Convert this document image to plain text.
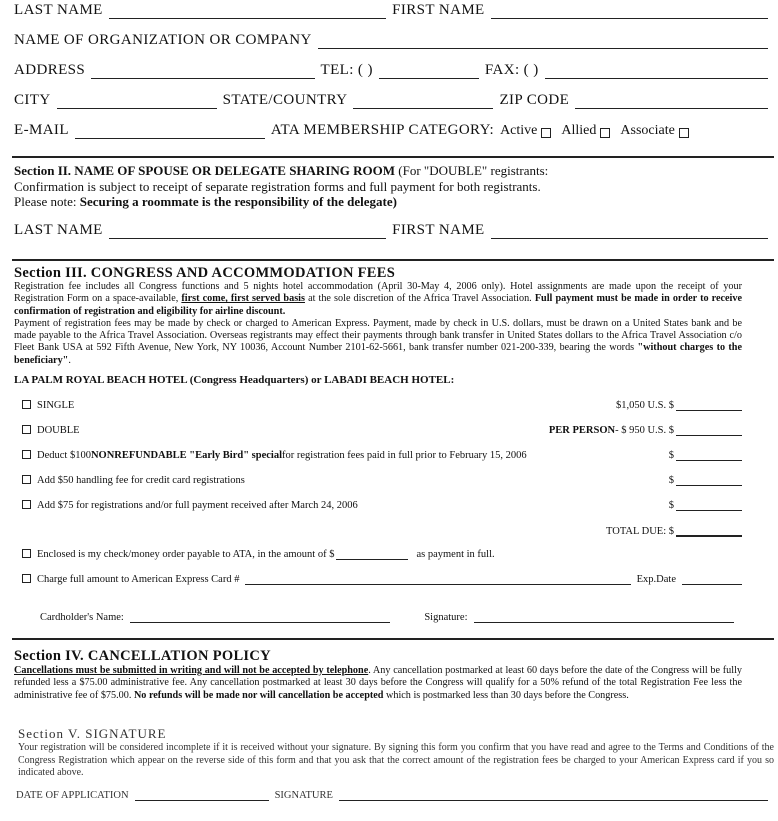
LAST NAME	FIRST NAME
NAME OF ORGANIZATION OR COMPANY
ADDRESS	TEL: ( )	FAX: ( )
CITY	STATE/COUNTRY	ZIP CODE
E-MAIL	ATA MEMBERSHIP CATEGORY: Active Allied Associate
Section II. NAME OF SPOUSE OR DELEGATE SHARING ROOM (For "DOUBLE" registrants:
Confirmation is subject to receipt of separate registration forms and full payment for both registrants.
Please note: Securing a roommate is the responsibility of the delegate)
LAST NAME	FIRST NAME
Section III. CONGRESS AND ACCOMMODATION FEES
Registration fee includes all Congress functions and 5 nights hotel accommodation (April 30-May 4, 2006 only). Hotel assignments are made upon the receipt of your Registration Form on a space-available, first come, first served basis at the sole discretion of the Africa Travel Association. Full payment must be made in order to receive confirmation of registration and eligibility for airline discount.
Payment of registration fees may be made by check or charged to American Express. Payment, made by check in U.S. dollars, must be drawn on a United States bank and be made payable to the Africa Travel Association. Overseas registrants may effect their payments through bank transfer in United States dollars to the Africa Travel Association c/o Fleet Bank USA at 592 Fifth Avenue, New York, NY 10036, Account Number 2101-62-5661, bank transfer number 021-200-339, bearing the words "without charges to the beneficiary".
LA PALM ROYAL BEACH HOTEL (Congress Headquarters) or LABADI BEACH HOTEL:
SINGLE	$1,050 U.S. $
DOUBLE	PER PERSON - $ 950 U.S. $
Deduct $100 NONREFUNDABLE "Early Bird" special for registration fees paid in full prior to February 15, 2006	$
Add $50 handling fee for credit card registrations	$
Add $75 for registrations and/or full payment received after March 24, 2006	$
TOTAL DUE: $
Enclosed is my check/money order payable to ATA, in the amount of $	as payment in full.
Charge full amount to American Express Card #	Exp.Date
Cardholder's Name:	Signature:
Section IV. CANCELLATION POLICY
Cancellations must be submitted in writing and will not be accepted by telephone. Any cancellation postmarked at least 60 days before the date of the Congress will be fully refunded less a $75.00 administrative fee. Any cancellation postmarked at least 30 days before the Congress will qualify for a 50% refund of the total Registration Fee less the administrative fee of $75.00. No refunds will be made nor will cancellation be accepted which is postmarked less than 30 days before the Congress.
Section V. SIGNATURE
Your registration will be considered incomplete if it is received without your signature. By signing this form you confirm that you have read and agree to the Terms and Conditions of the Congress Registration which appear on the reverse side of this form and that you ask that the correct amount of the registration fees be charged to your American Express card if you so indicated above.
DATE OF APPLICATION	SIGNATURE
